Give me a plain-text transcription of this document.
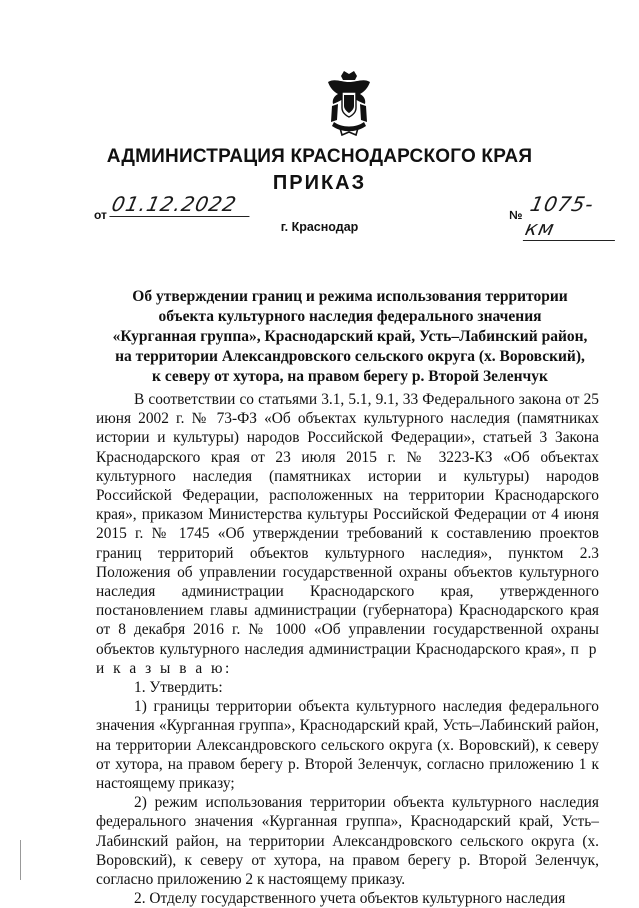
АДМИНИСТРАЦИЯ КРАСНОДАРСКОГО КРАЯ
ПРИКАЗ
от 01.12.2022	№ 1075-км
г. Краснодар
Об утверждении границ и режима использования территории
объекта культурного наследия федерального значения
«Курганная группа», Краснодарский край, Усть–Лабинский район,
на территории Александровского сельского округа (х. Воровский),
к северу от хутора, на правом берегу р. Второй Зеленчук

В соответствии со статьями 3.1, 5.1, 9.1, 33 Федерального закона от 25 июня 2002 г. № 73-ФЗ «Об объектах культурного наследия (памятниках истории и культуры) народов Российской Федерации», статьей 3 Закона Краснодарского края от 23 июля 2015 г. № 3223-КЗ «Об объектах культурного наследия (памятниках истории и культуры) народов Российской Федерации, расположенных на территории Краснодарского края», приказом Министерства культуры Российской Федерации от 4 июня 2015 г. № 1745 «Об утверждении требований к составлению проектов границ территорий объектов культурного наследия», пунктом 2.3 Положения об управлении государственной охраны объектов культурного наследия администрации Краснодарского края, утвержденного постановлением главы администрации (губернатора) Краснодарского края от 8 декабря 2016 г. № 1000 «Об управлении государственной охраны объектов культурного наследия администрации Краснодарского края», п р и к а з ы в а ю:

1. Утвердить:

1) границы территории объекта культурного наследия федерального значения «Курганная группа», Краснодарский край, Усть–Лабинский район, на территории Александровского сельского округа (х. Воровский), к северу от хутора, на правом берегу р. Второй Зеленчук, согласно приложению 1 к настоящему приказу;

2) режим использования территории объекта культурного наследия федерального значения «Курганная группа», Краснодарский край, Усть–Лабинский район, на территории Александровского сельского округа (х. Воровский), к северу от хутора, на правом берегу р. Второй Зеленчук, согласно приложению 2 к настоящему приказу.

2. Отделу государственного учета объектов культурного наследия
